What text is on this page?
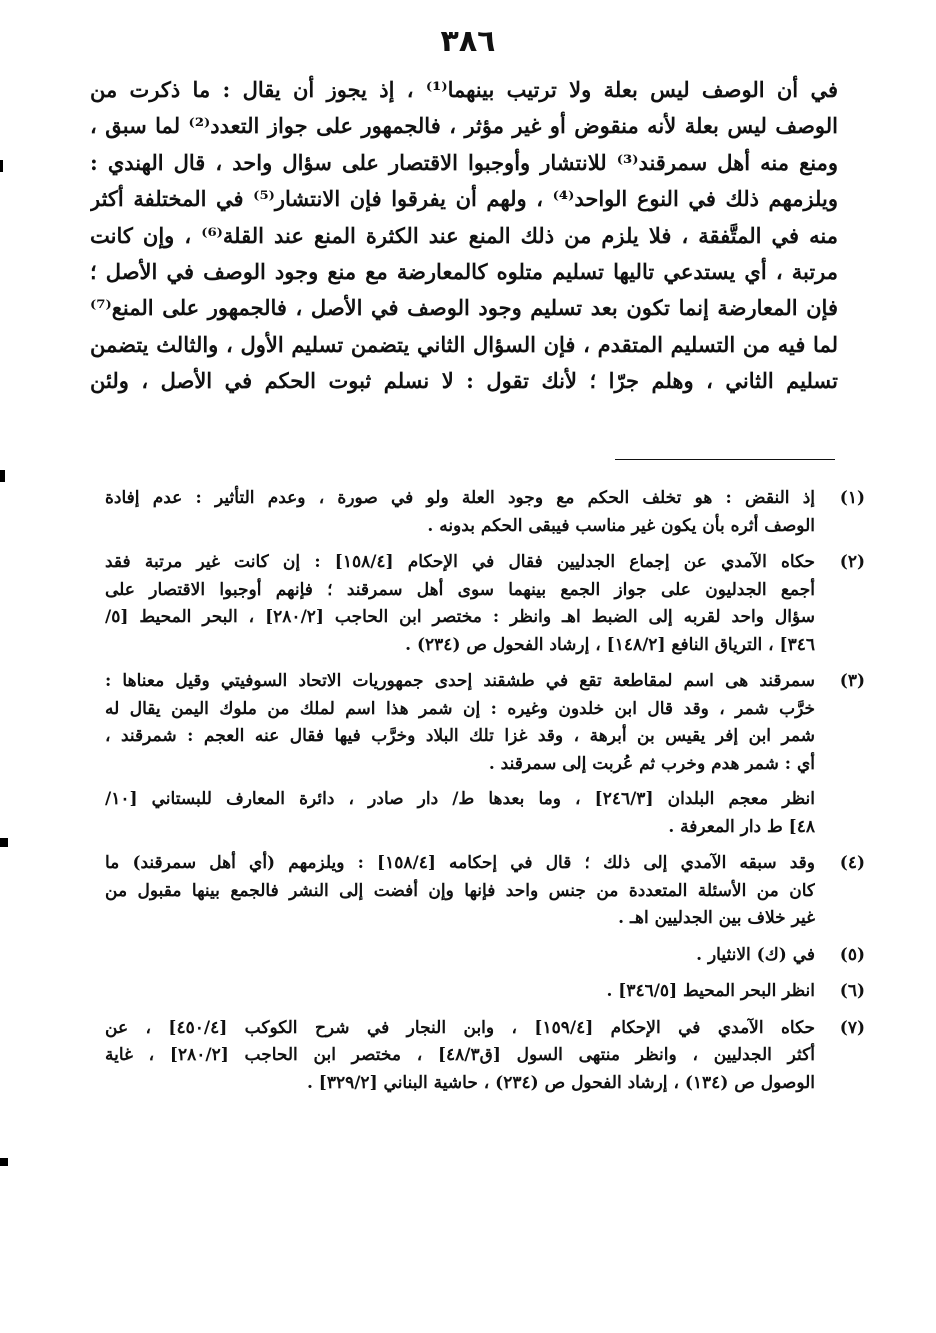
٣٨٦
في أن الوصف ليس بعلة ولا ترتيب بينهما⁽¹⁾ ، إذ يجوز أن يقال : ما ذكرت من
الوصف ليس بعلة لأنه منقوض أو غير مؤثر ، فالجمهور على جواز التعدد⁽²⁾ لما سبق ،
ومنع منه أهل سمرقند⁽³⁾ للانتشار وأوجبوا الاقتصار على سؤال واحد ، قال الهندي :
ويلزمهم ذلك في النوع الواحد⁽⁴⁾ ، ولهم أن يفرقوا فإن الانتشار⁽⁵⁾ في المختلفة أكثر
منه في المتَّفقة ، فلا يلزم من ذلك المنع عند الكثرة المنع عند القلة⁽⁶⁾ ، وإن كانت
مرتبة ، أي يستدعي تاليها تسليم متلوه كالمعارضة مع منع وجود الوصف في الأصل ؛
فإن المعارضة إنما تكون بعد تسليم وجود الوصف في الأصل ، فالجمهور على المنع⁽⁷⁾
لما فيه من التسليم المتقدم ، فإن السؤال الثاني يتضمن تسليم الأول ، والثالث يتضمن
تسليم الثاني ، وهلم جرّا ؛ لأنك تقول : لا نسلم ثبوت الحكم في الأصل ، ولئن
(١)
إذ النقض : هو تخلف الحكم مع وجود العلة ولو في صورة ، وعدم التأثير : عدم إفادة
الوصف أثره بأن يكون غير مناسب فيبقى الحكم بدونه .
(٢)
حكاه الآمدي عن إجماع الجدليين فقال في الإحكام [١٥٨/٤] : إن كانت غير مرتبة فقد
أجمع الجدليون على جواز الجمع بينهما سوى أهل سمرقند ؛ فإنهم أوجبوا الاقتصار على
سؤال واحد لقربه إلى الضبط اهـ وانظر : مختصر ابن الحاجب [٢٨٠/٢] ، البحر المحيط [٥/
٣٤٦] ، الترياق النافع [١٤٨/٢] ، إرشاد الفحول ص (٢٣٤) .
(٣)
سمرقند هى اسم لمقاطعة تقع في طشقند إحدى جمهوريات الاتحاد السوفيتي وقيل معناها :
خرَّب شمر ، وقد قال ابن خلدون وغيره : إن شمر هذا اسم لملك من ملوك اليمن يقال له
شمر ابن إفر يقيس بن أبرهة ، وقد غزا تلك البلاد وخرَّب فيها فقال عنه العجم : شمرقند ،
أي : شمر هدم وخرب ثم عُربت إلى سمرقند .
انظر معجم البلدان [٢٤٦/٣] ، وما بعدها ط/ دار صادر ، دائرة المعارف للبستاني [١٠/
٤٨] ط دار المعرفة .
(٤)
وقد سبقه الآمدي إلى ذلك ؛ قال في إحكامه [١٥٨/٤] : ويلزمهم (أي أهل سمرقند) ما
كان من الأسئلة المتعددة من جنس واحد فإنها وإن أفضت إلى النشر فالجمع بينها مقبول من
غير خلاف بين الجدليين اهـ .
(٥)
في (ك) الانثيار .
(٦)
انظر البحر المحيط [٣٤٦/٥] .
(٧)
حكاه الآمدي في الإحكام [١٥٩/٤] ، وابن النجار في شرح الكوكب [٤٥٠/٤] ، عن
أكثر الجدليين ، وانظر منتهى السول [ق٤٨/٣] ، مختصر ابن الحاجب [٢٨٠/٢] ، غاية
الوصول ص (١٣٤) ، إرشاد الفحول ص (٢٣٤) ، حاشية البناني [٣٢٩/٢] .
